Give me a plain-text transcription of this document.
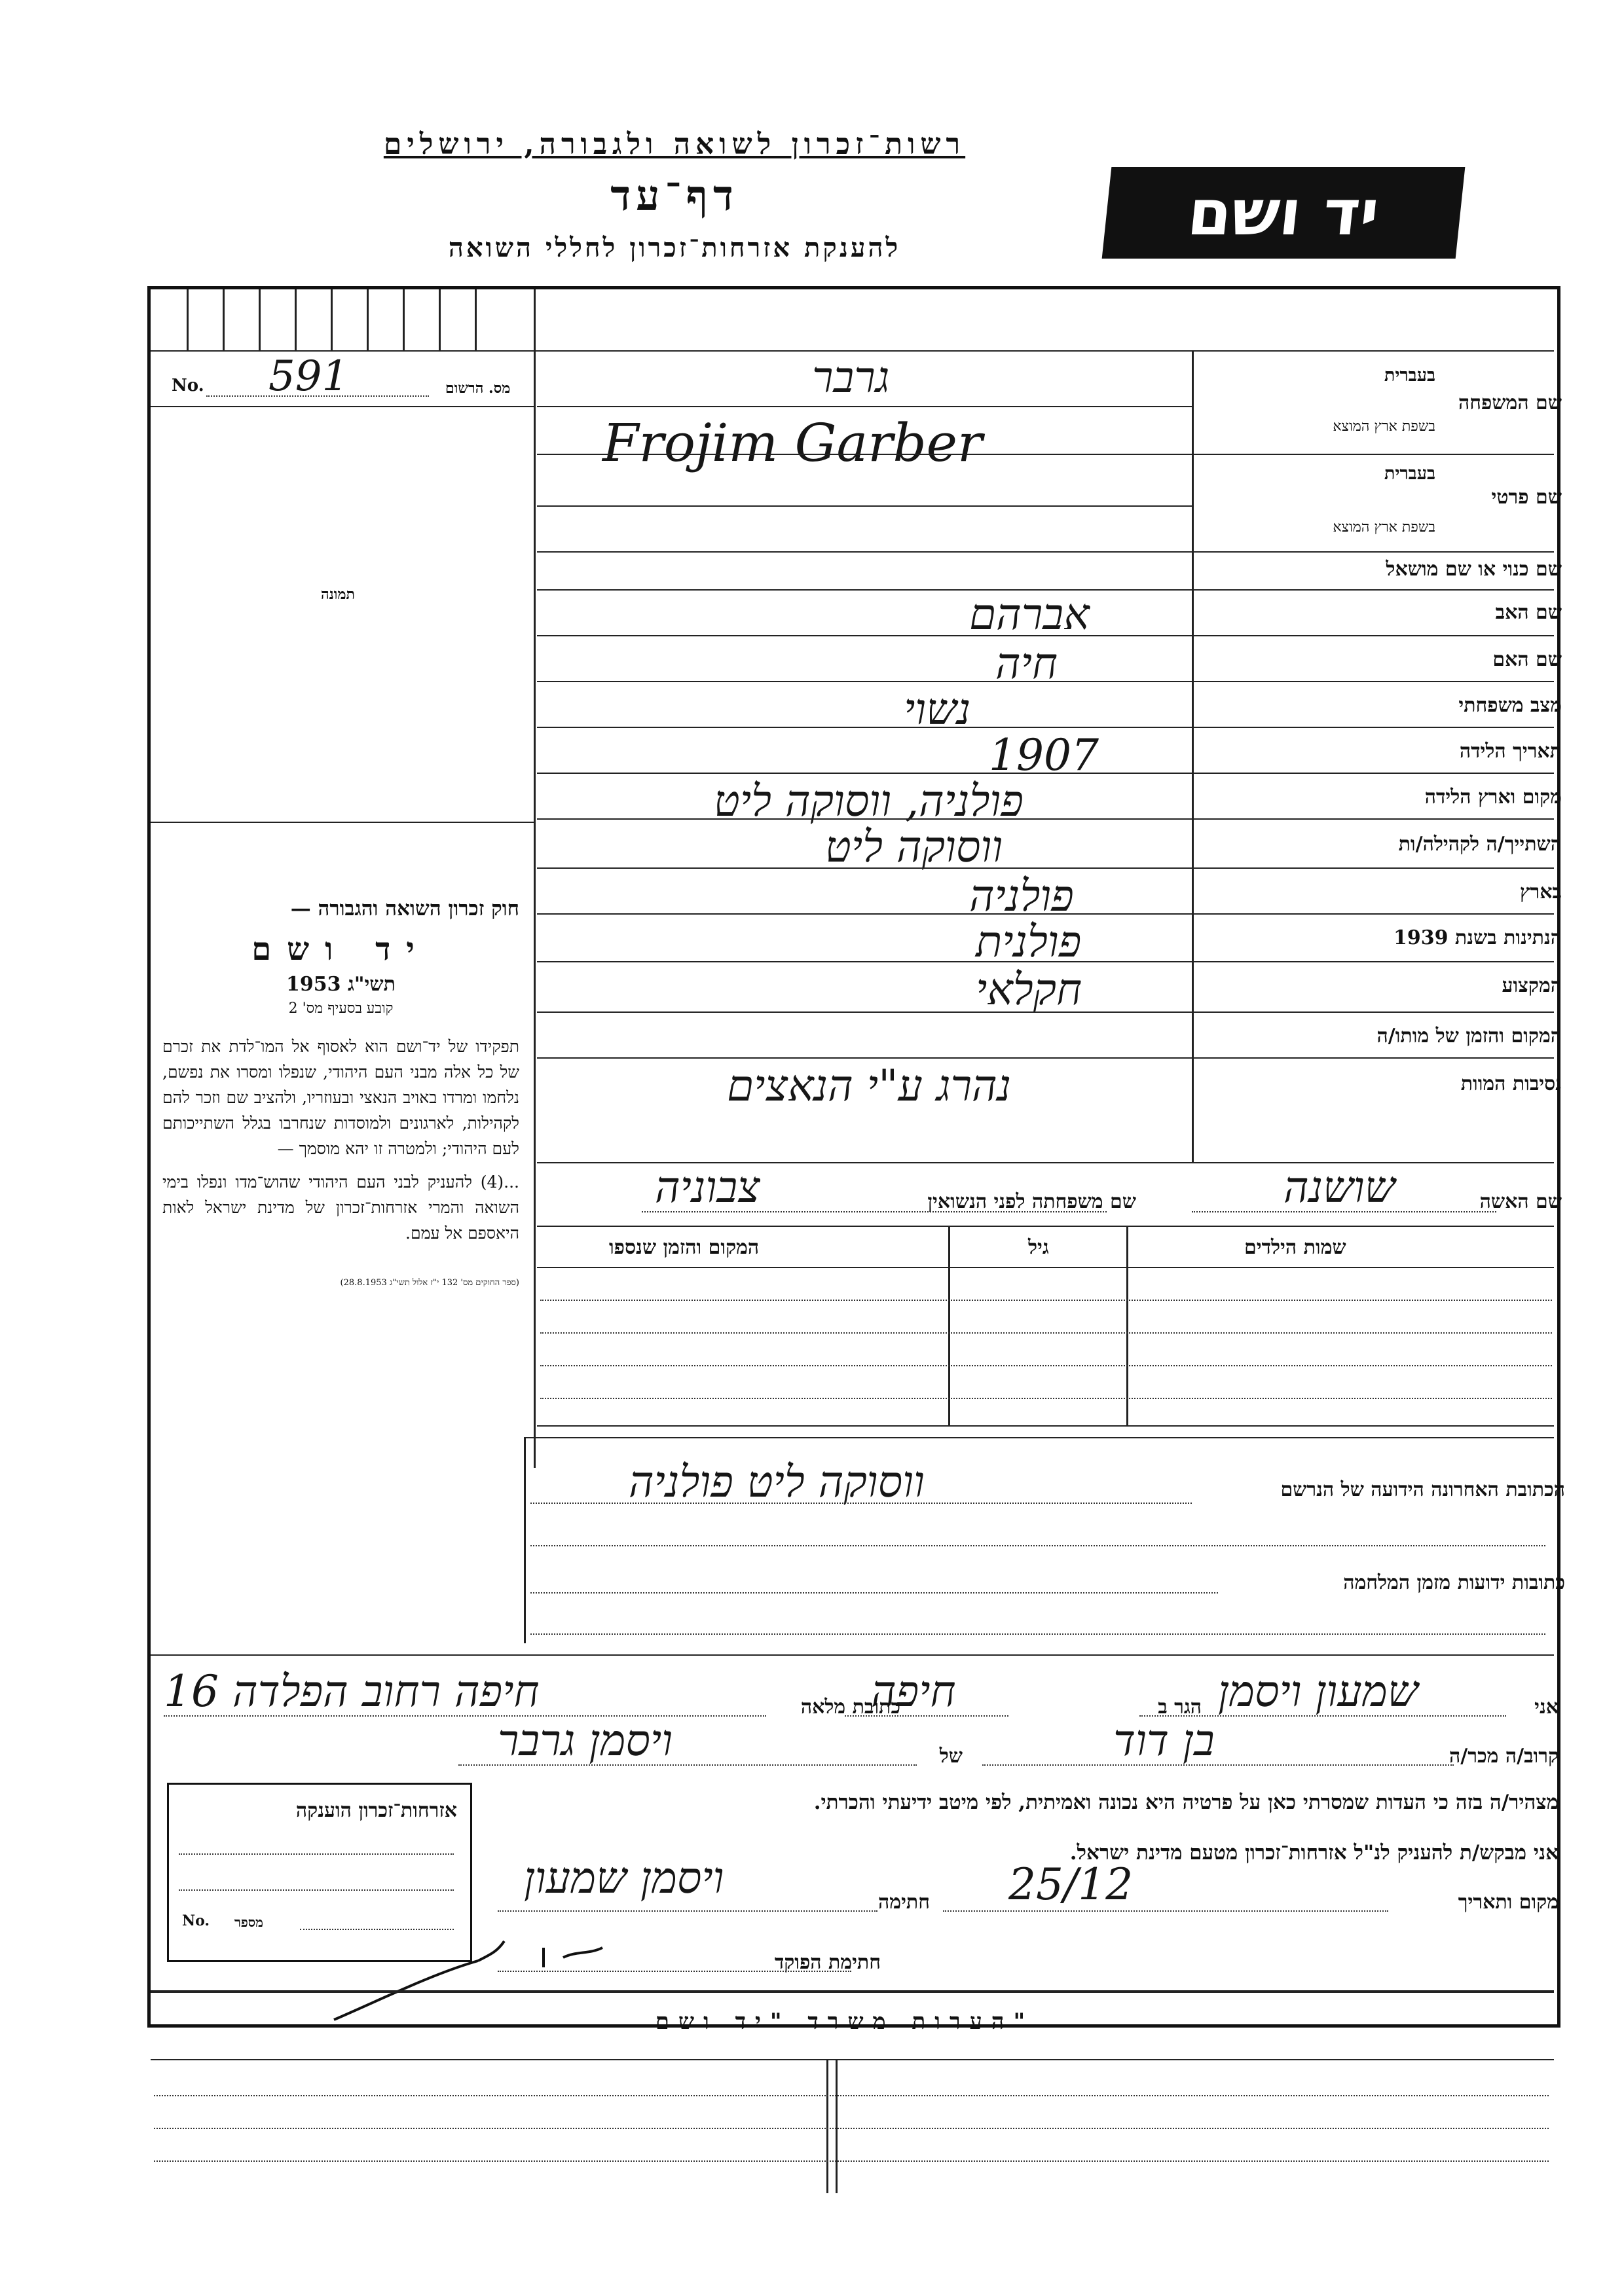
רשות־זכרון לשואה ולגבורה, ירושלים
דף־עד
להענקת אזרחות־זכרון לחללי השואה	יד ושם
No. 591	מס. הרשום
תמונה

חוק זכרון השואה והגבורה —

יד ושם

תשי"ג 1953

קובע בסעיף מס' 2

תפקידו של יד־ושם הוא לאסוף אל המו־לדת את זכרם של כל אלה מבני העם היהודי, שנפלו ומסרו את נפשם, נלחמו ומרדו באויב הנאצי ובעוזריו, ולהציב שם וזכר להם לקהילות, לארגונים ולמוסדות שנחרבו בגלל השתייכותם לעם היהודי; ולמטרה זו יהא מוסמך —

...(4) להעניק לבני העם היהודי שהוש־מדו ונפלו בימי השואה והמרי אזרחות־זכרון של מדינת ישראל לאות היאספם אל עמם.

(ספר החוקים מס' 132 י"ז אלול תשי"ג 28.8.1953)

שם המשפחה
בעברית
בשפת ארץ המוצא
גרבר
Frojim Garber
שם פרטי
בעברית
בשפת ארץ המוצא
שם כנוי או שם מושאל
שם האב
אברהם
שם האם
חיה
מצב משפחתי
נשוי
תאריך הלידה
1907
מקום וארץ הלידה
פולניה, ווסוקה ליט
השתייך/ה לקהילה/ות
ווסוקה ליט
בארץ
פולניה
הנתינות בשנת 1939
פולנית
המקצוע
חקלאי
המקום והזמן של מותו/ה
נסיבות המוות
נהרג ע"י הנאצים
שם האשה
שושנה
שם משפחתה לפני הנשואין
צבוניה
שמות הילדים
גיל
המקום והזמן שנספו
הכתובת האחרונה הידועה של הנרשם
ווסוקה ליט פולניה
כתובות ידועות מזמן המלחמה
אני
שמעון ויסמן
הגר ב
חיפה
כתובת מלאה
חיפה רחוב הפלדה 16
קרוב/ה מכר/ה
בן דוד
של
ויסמן גרבר
מצהיר/ה בזה כי העדות שמסרתי כאן על פרטיה היא נכונה ואמיתית, לפי מיטב ידיעתי והכרתי.
אני מבקש/ת להעניק לנ"ל אזרחות־זכרון מטעם מדינת ישראל.
מקום ותאריך
25/12
חתימה
ויסמן שמעון
חתימת הפוקד
אזרחות־זכרון הוענקה
No. מספר
הערות משרד "יד ושם"
